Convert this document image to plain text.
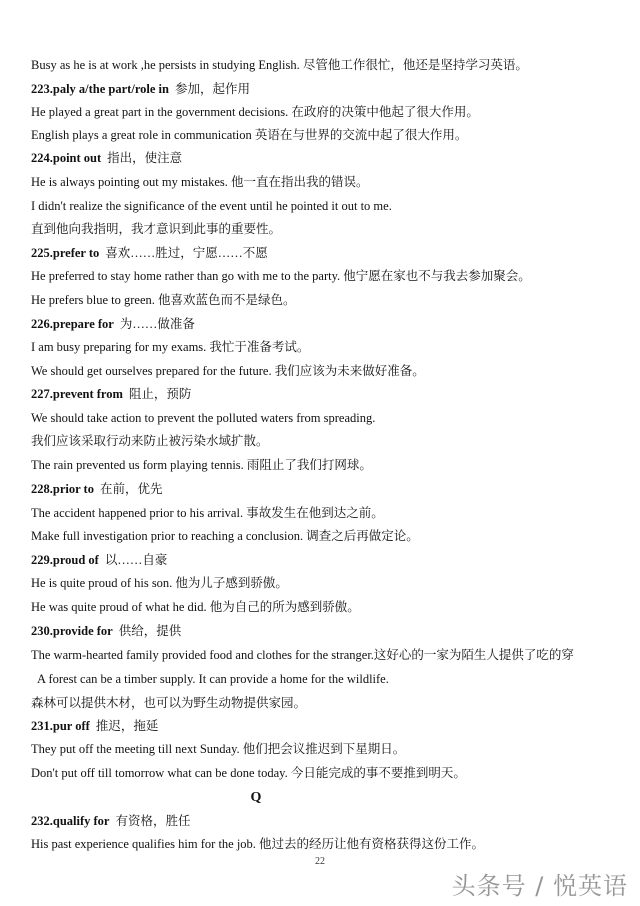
Busy as he is at work ,he persists in studying English. 尽管他工作很忙，他还是坚持学习英语。
223.paly a/the part/role in 参加，起作用
He played a great part in the government decisions. 在政府的决策中他起了很大作用。
English plays a great role in communication 英语在与世界的交流中起了很大作用。
224.point out 指出，使注意
He is always pointing out my mistakes. 他一直在指出我的错误。
I didn't realize the significance of the event until he pointed it out to me.
直到他向我指明，我才意识到此事的重要性。
225.prefer to 喜欢……胜过，宁愿……不愿
He preferred to stay home rather than go with me to the party. 他宁愿在家也不与我去参加聚会。
He prefers blue to green. 他喜欢蓝色而不是绿色。
226.prepare for 为……做准备
I am busy preparing for my exams. 我忙于准备考试。
We should get ourselves prepared for the future. 我们应该为未来做好准备。
227.prevent from 阻止，预防
We should take action to prevent the polluted waters from spreading.
我们应该采取行动来防止被污染水域扩散。
The rain prevented us form playing tennis. 雨阻止了我们打网球。
228.prior to 在前，优先
The accident happened prior to his arrival. 事故发生在他到达之前。
Make full investigation prior to reaching a conclusion. 调查之后再做定论。
229.proud of 以……自豪
He is quite proud of his son. 他为儿子感到骄傲。
He was quite proud of what he did. 他为自己的所为感到骄傲。
230.provide for 供给，提供
The warm-hearted family provided food and clothes for the stranger.这好心的一家为陌生人提供了吃的穿
A forest can be a timber supply. It can provide a home for the wildlife.
森林可以提供木材，也可以为野生动物提供家园。
231.pur off 推迟，拖延
They put off the meeting till next Sunday. 他们把会议推迟到下星期日。
Don't put off till tomorrow what can be done today. 今日能完成的事不要推到明天。
232.qualify for 有资格，胜任
His past experience qualifies him for the job. 他过去的经历让他有资格获得这份工作。
Q
22
头条号 / 悦英语
